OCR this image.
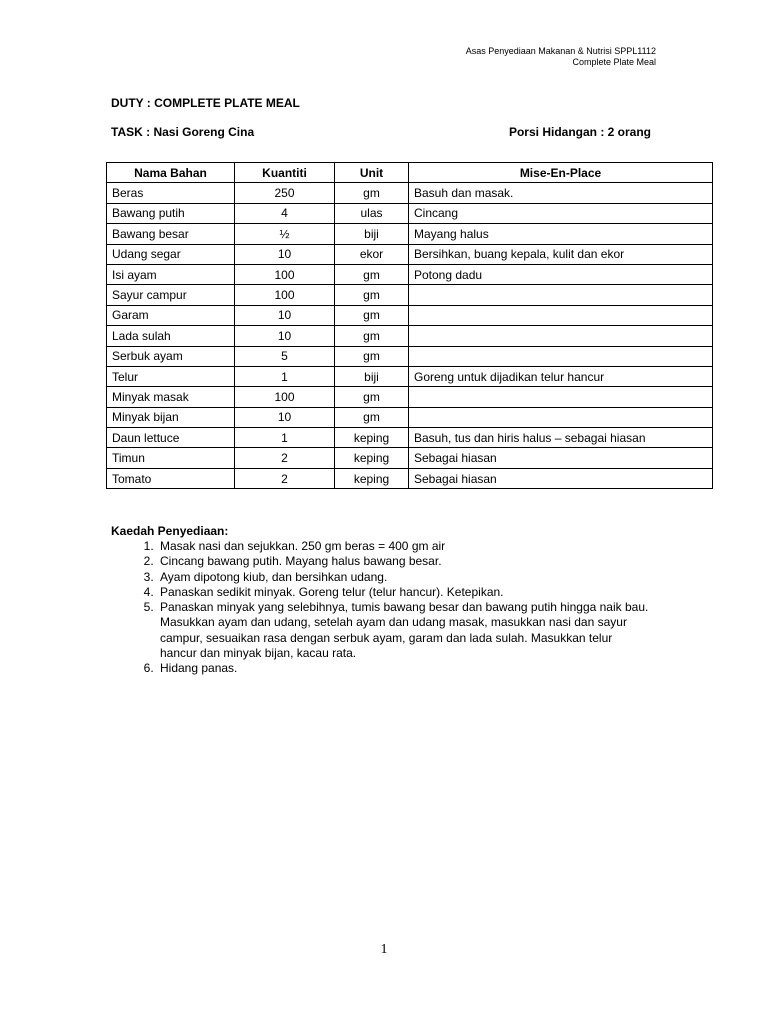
Asas Penyediaan Makanan & Nutrisi SPPL1112
Complete Plate Meal
DUTY : COMPLETE PLATE MEAL
TASK : Nasi Goreng Cina	Porsi Hidangan : 2 orang
Nama Bahan	Kuantiti	Unit	Mise-En-Place
Beras	250	gm	Basuh dan masak.
Bawang putih	4	ulas	Cincang
Bawang besar	½	biji	Mayang halus
Udang segar	10	ekor	Bersihkan, buang kepala, kulit dan ekor
Isi ayam	100	gm	Potong dadu
Sayur campur	100	gm	
Garam	10	gm	
Lada sulah	10	gm	
Serbuk ayam	5	gm	
Telur	1	biji	Goreng untuk dijadikan telur hancur
Minyak masak	100	gm	
Minyak bijan	10	gm	
Daun lettuce	1	keping	Basuh, tus dan hiris halus – sebagai hiasan
Timun	2	keping	Sebagai hiasan
Tomato	2	keping	Sebagai hiasan
Kaedah Penyediaan:
1. Masak nasi dan sejukkan. 250 gm beras = 400 gm air
2. Cincang bawang putih. Mayang halus bawang besar.
3. Ayam dipotong kiub, dan bersihkan udang.
4. Panaskan sedikit minyak. Goreng telur (telur hancur). Ketepikan.
5. Panaskan minyak yang selebihnya, tumis bawang besar dan bawang putih hingga naik bau. Masukkan ayam dan udang, setelah ayam dan udang masak, masukkan nasi dan sayur campur, sesuaikan rasa dengan serbuk ayam, garam dan lada sulah. Masukkan telur hancur dan minyak bijan, kacau rata.
6. Hidang panas.
1
